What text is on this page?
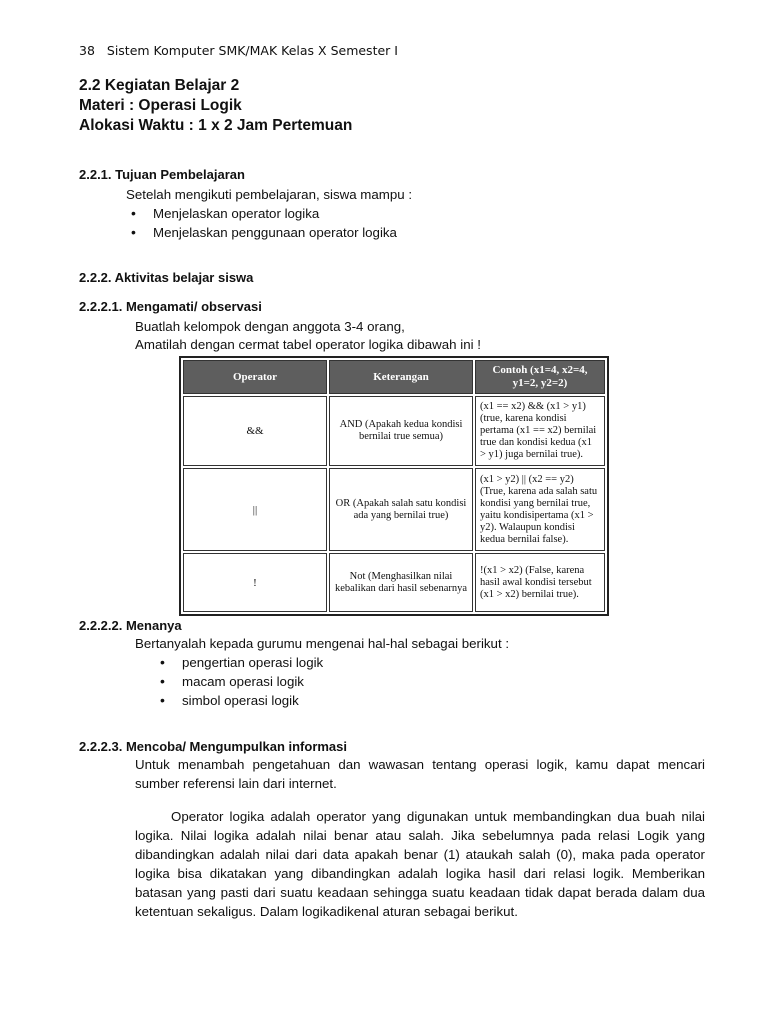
38 Sistem Komputer SMK/MAK Kelas X Semester I
2.2 Kegiatan Belajar 2
Materi : Operasi Logik
Alokasi Waktu : 1 x 2 Jam Pertemuan
2.2.1. Tujuan Pembelajaran
Setelah mengikuti pembelajaran, siswa mampu :
• Menjelaskan operator logika
• Menjelaskan penggunaan operator logika
2.2.2. Aktivitas belajar siswa
2.2.2.1. Mengamati/ observasi
Buatlah kelompok dengan anggota 3-4 orang,
Amatilah dengan cermat tabel operator logika dibawah ini !
Operator	Keterangan	Contoh (x1=4, x2=4, y1=2, y2=2)
&&	AND (Apakah kedua kondisi bernilai true semua)	(x1 == x2) && (x1 > y1) (true, karena kondisi pertama (x1 == x2) bernilai true dan kondisi kedua (x1 > y1) juga bernilai true).
||	OR (Apakah salah satu kondisi ada yang bernilai true)	(x1 > y2) || (x2 == y2) (True, karena ada salah satu kondisi yang bernilai true, yaitu kondisipertama (x1 > y2). Walaupun kondisi kedua bernilai false).
!	Not (Menghasilkan nilai kebalikan dari hasil sebenarnya	!(x1 > x2) (False, karena hasil awal kondisi tersebut (x1 > x2) bernilai true).
2.2.2.2. Menanya
Bertanyalah kepada gurumu mengenai hal-hal sebagai berikut :
• pengertian operasi logik
• macam operasi logik
• simbol operasi logik
2.2.2.3. Mencoba/ Mengumpulkan informasi
Untuk menambah pengetahuan dan wawasan tentang operasi logik, kamu dapat mencari sumber referensi lain dari internet.
Operator logika adalah operator yang digunakan untuk membandingkan dua buah nilai logika. Nilai logika adalah nilai benar atau salah. Jika sebelumnya pada relasi Logik yang dibandingkan adalah nilai dari data apakah benar (1) ataukah salah (0), maka pada operator logika bisa dikatakan yang dibandingkan adalah logika hasil dari relasi logik. Memberikan batasan yang pasti dari suatu keadaan sehingga suatu keadaan tidak dapat berada dalam dua ketentuan sekaligus. Dalam logikadikenal aturan sebagai berikut.
